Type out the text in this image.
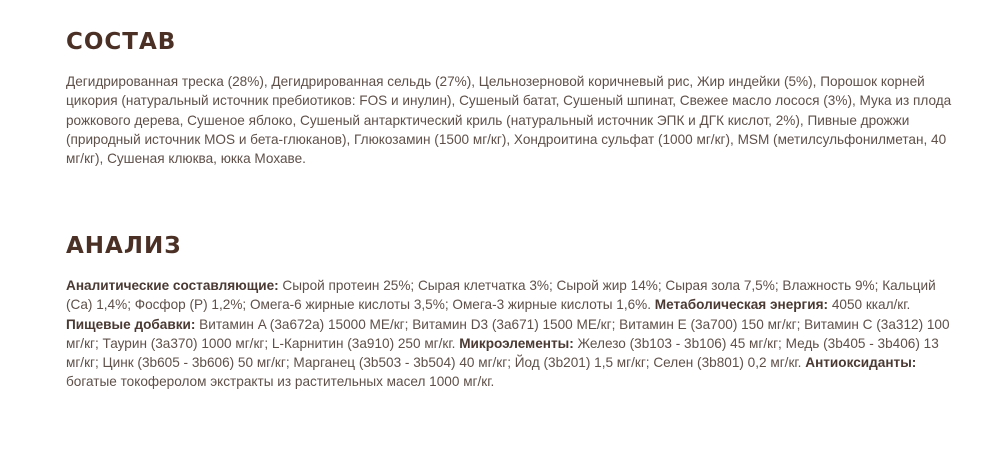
СОСТАВ

Дегидрированная треска (28%), Дегидрированная сельдь (27%), Цельнозерновой коричневый рис, Жир индейки (5%), Порошок корней цикория (натуральный источник пребиотиков: FOS и инулин), Сушеный батат, Сушеный шпинат, Свежее масло лосося (3%), Мука из плода рожкового дерева, Сушеное яблоко, Сушеный антарктический криль (натуральный источник ЭПК и ДГК кислот, 2%), Пивные дрожжи (природный источник MOS и бета-глюканов), Глюкозамин (1500 мг/кг), Хондроитина сульфат (1000 мг/кг), MSM (метилсульфонилметан, 40 мг/кг), Сушеная клюква, юкка Мохаве.

АНАЛИЗ

Аналитические составляющие: Сырой протеин 25%; Сырая клетчатка 3%; Сырой жир 14%; Сырая зола 7,5%; Влажность 9%; Кальций (Ca) 1,4%; Фосфор (P) 1,2%; Омега-6 жирные кислоты 3,5%; Омега-3 жирные кислоты 1,6%. Метаболическая энергия: 4050 ккал/кг. Пищевые добавки: Витамин A (3a672a) 15000 МЕ/кг; Витамин D3 (3a671) 1500 МЕ/кг; Витамин Е (3a700) 150 мг/кг; Витамин С (3a312) 100 мг/кг; Таурин (3a370) 1000 мг/кг; L-Карнитин (3a910) 250 мг/кг. Микроэлементы: Железо (3b103 - 3b106) 45 мг/кг; Медь (3b405 - 3b406) 13 мг/кг; Цинк (3b605 - 3b606) 50 мг/кг; Марганец (3b503 - 3b504) 40 мг/кг; Йод (3b201) 1,5 мг/кг; Селен (3b801) 0,2 мг/кг. Антиоксиданты: богатые токоферолом экстракты из растительных масел 1000 мг/кг.
